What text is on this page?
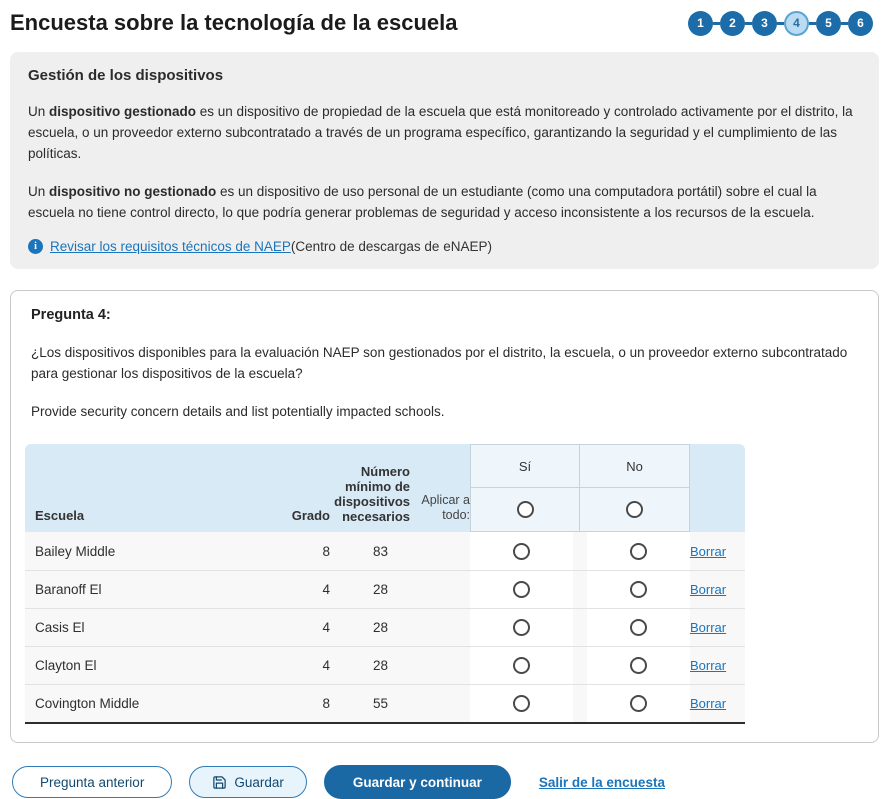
Encuesta sobre la tecnología de la escuela	1	2	3	4	5	6
Gestión de los dispositivos

Un dispositivo gestionado es un dispositivo de propiedad de la escuela que está monitoreado y controlado activamente por el distrito, la escuela, o un proveedor externo subcontratado a través de un programa específico, garantizando la seguridad y el cumplimiento de las políticas.

Un dispositivo no gestionado es un dispositivo de uso personal de un estudiante (como una computadora portátil) sobre el cual la escuela no tiene control directo, lo que podría generar problemas de seguridad y acceso inconsistente a los recursos de la escuela.

i Revisar los requisitos técnicos de NAEP (Centro de descargas de eNAEP)
Pregunta 4:

¿Los dispositivos disponibles para la evaluación NAEP son gestionados por el distrito, la escuela, o un proveedor externo subcontratado para gestionar los dispositivos de la escuela?

Provide security concern details and list potentially impacted schools.

Escuela	Grado
Número mínimo de dispositivos necesarios
Aplicar a todo:
Sí	No
Bailey Middle	8	83	Borrar
Baranoff El	4	28	Borrar
Casis El	4	28	Borrar
Clayton El	4	28	Borrar
Covington Middle	8	55	Borrar
Pregunta anterior	Guardar	Guardar y continuar	Salir de la encuesta
